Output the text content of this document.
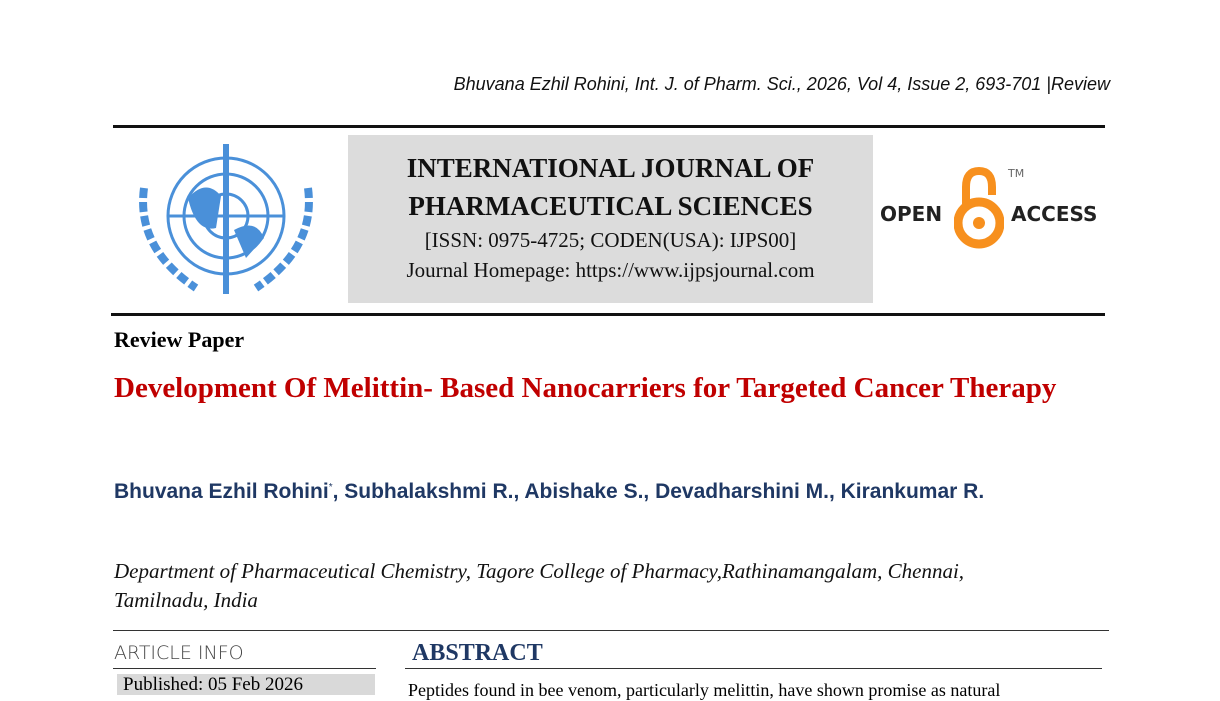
Bhuvana Ezhil Rohini, Int. J. of Pharm. Sci., 2026, Vol 4, Issue 2, 693-701 |Review
INTERNATIONAL JOURNAL OF
PHARMACEUTICAL SCIENCES
[ISSN: 0975-4725; CODEN(USA): IJPS00]
Journal Homepage: https://www.ijpsjournal.com
OPEN
TM
ACCESS
Review Paper
Development Of Melittin- Based Nanocarriers for Targeted Cancer Therapy
Bhuvana Ezhil Rohini*, Subhalakshmi R., Abishake S., Devadharshini M., Kirankumar R.
Department of Pharmaceutical Chemistry, Tagore College of Pharmacy,Rathinamangalam, Chennai, Tamilnadu, India
ARTICLE INFO
Published: 05 Feb 2026
ABSTRACT
Peptides found in bee venom, particularly melittin, have shown promise as natural
